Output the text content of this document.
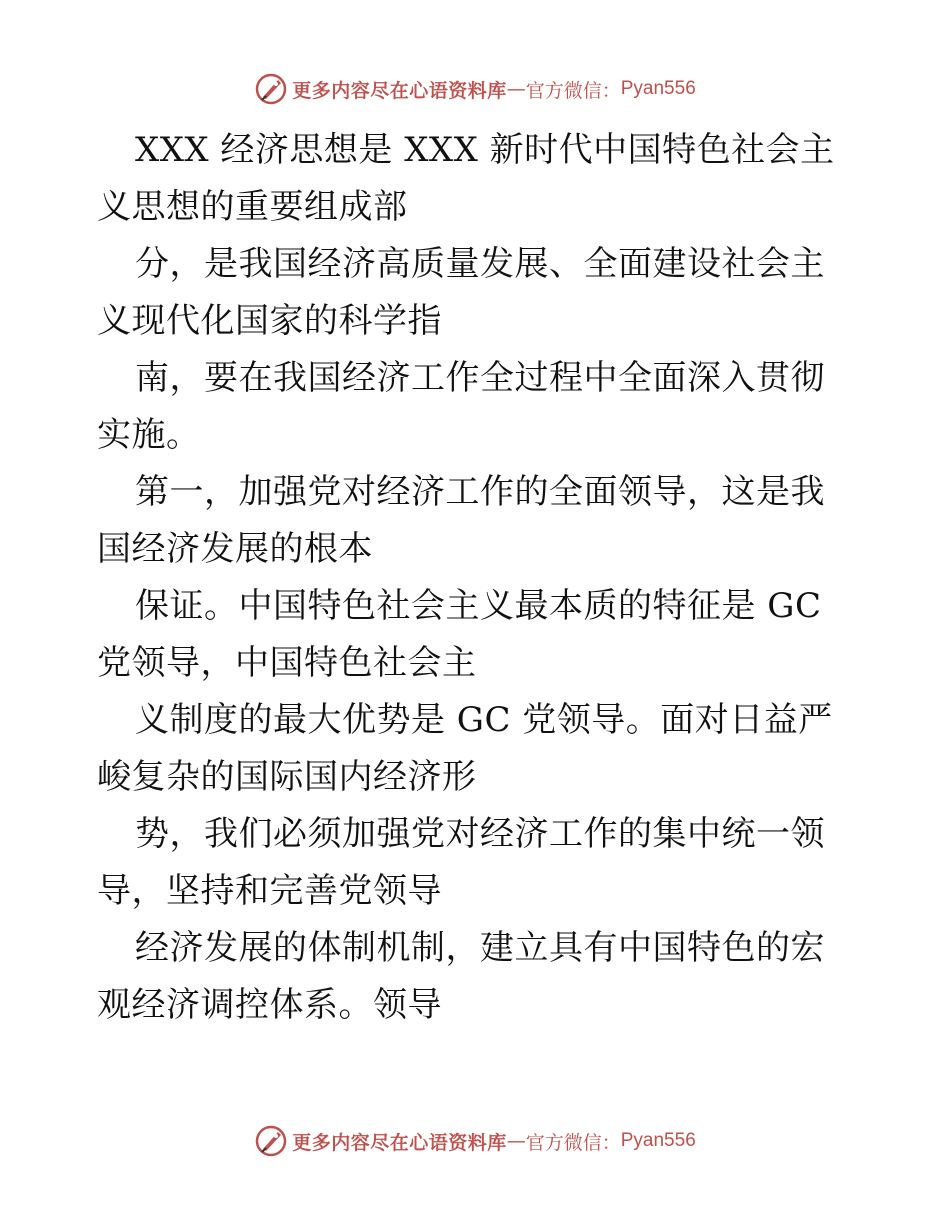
更多内容尽在心语资料库 — 官方微信： Pyan556

XXX 经济思想是 XXX 新时代中国特色社会主义思想的重要组成部

分，是我国经济高质量发展、全面建设社会主义现代化国家的科学指

南，要在我国经济工作全过程中全面深入贯彻实施。

第一，加强党对经济工作的全面领导，这是我国经济发展的根本

保证。中国特色社会主义最本质的特征是 GC 党领导，中国特色社会主

义制度的最大优势是 GC 党领导。面对日益严峻复杂的国际国内经济形

势，我们必须加强党对经济工作的集中统一领导，坚持和完善党领导

经济发展的体制机制，建立具有中国特色的宏观经济调控体系。领导

更多内容尽在心语资料库 — 官方微信： Pyan556
